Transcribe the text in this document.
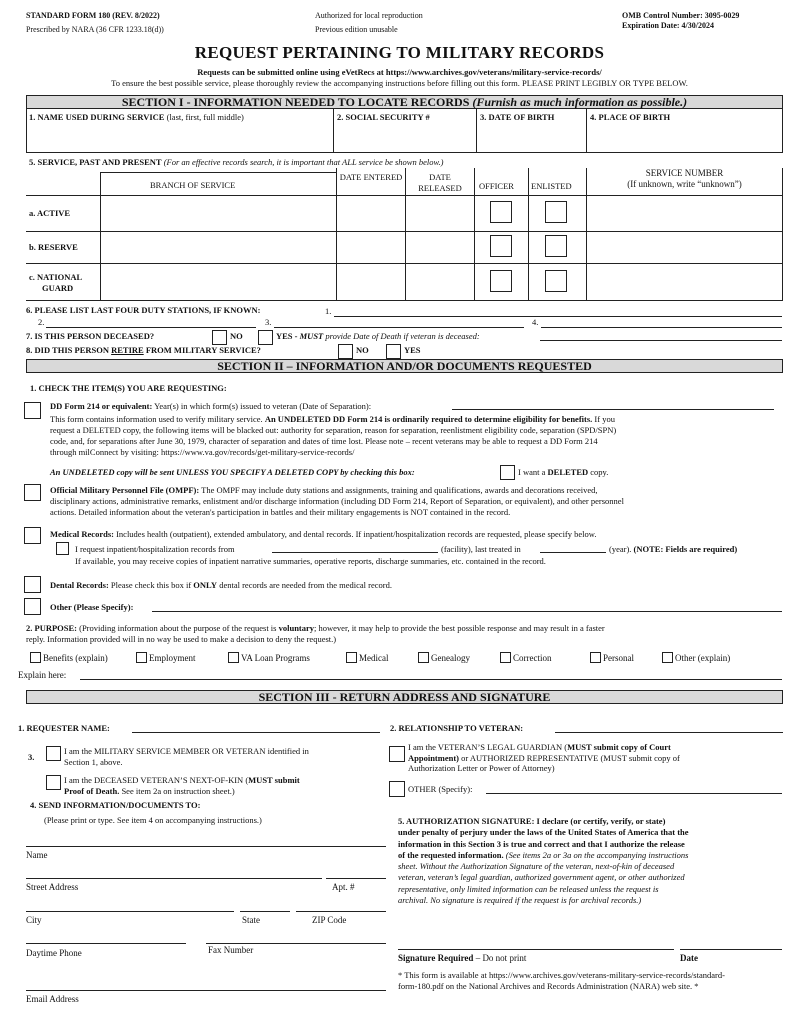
STANDARD FORM 180 (REV. 8/2022)
Prescribed by NARA (36 CFR 1233.18(d))
Authorized for local reproduction
Previous edition unusable
OMB Control Number: 3095-0029
Expiration Date: 4/30/2024
REQUEST PERTAINING TO MILITARY RECORDS
Requests can be submitted online using eVetRecs at https://www.archives.gov/veterans/military-service-records/
To ensure the best possible service, please thoroughly review the accompanying instructions before filling out this form. PLEASE PRINT LEGIBLY OR TYPE BELOW.
SECTION I - INFORMATION NEEDED TO LOCATE RECORDS (Furnish as much information as possible.)
1. NAME USED DURING SERVICE (last, first, full middle)	2. SOCIAL SECURITY #	3. DATE OF BIRTH	4. PLACE OF BIRTH
5. SERVICE, PAST AND PRESENT (For an effective records search, it is important that ALL service be shown below.)
BRANCH OF SERVICE
DATE ENTERED	DATE RELEASED	OFFICER ENLISTED
SERVICE NUMBER
(If unknown, write “unknown”)
a. ACTIVE
b. RESERVE
c. NATIONAL
GUARD
6. PLEASE LIST LAST FOUR DUTY STATIONS, IF KNOWN:	1.
2.	3.	4.
7. IS THIS PERSON DECEASED?	NO	YES - MUST provide Date of Death if veteran is deceased:
8. DID THIS PERSON RETIRE FROM MILITARY SERVICE?	NO	YES
SECTION II – INFORMATION AND/OR DOCUMENTS REQUESTED
1. CHECK THE ITEM(S) YOU ARE REQUESTING:
DD Form 214 or equivalent: Year(s) in which form(s) issued to veteran (Date of Separation):
This form contains information used to verify military service. An UNDELETED DD Form 214 is ordinarily required to determine eligibility for benefits. If you
request a DELETED copy, the following items will be blacked out: authority for separation, reason for separation, reenlistment eligibility code, separation (SPD/SPN)
code, and, for separations after June 30, 1979, character of separation and dates of time lost. Please note – recent veterans may be able to request a DD Form 214
through milConnect by visiting: https://www.va.gov/records/get-military-service-records/
An UNDELETED copy will be sent UNLESS YOU SPECIFY A DELETED COPY by checking this box:	I want a DELETED copy.
Official Military Personnel File (OMPF): The OMPF may include duty stations and assignments, training and qualifications, awards and decorations received,
disciplinary actions, administrative remarks, enlistment and/or discharge information (including DD Form 214, Report of Separation, or equivalent), and other personnel
actions. Detailed information about the veteran's participation in battles and their military engagements is NOT contained in the record.
Medical Records: Includes health (outpatient), extended ambulatory, and dental records. If inpatient/hospitalization records are requested, please specify below.
I request inpatient/hospitalization records from	(facility), last treated in	(year). (NOTE: Fields are required)
If available, you may receive copies of inpatient narrative summaries, operative reports, discharge summaries, etc. contained in the record.
Dental Records: Please check this box if ONLY dental records are needed from the medical record.
Other (Please Specify):
2. PURPOSE: (Providing information about the purpose of the request is voluntary; however, it may help to provide the best possible response and may result in a faster
reply. Information provided will in no way be used to make a decision to deny the request.)
Benefits (explain)	Employment	VA Loan Programs	Medical	Genealogy	Correction	Personal	Other (explain)
Explain here:
SECTION III - RETURN ADDRESS AND SIGNATURE
1. REQUESTER NAME:	2. RELATIONSHIP TO VETERAN:
3.
I am the MILITARY SERVICE MEMBER OR VETERAN identified in
Section 1, above.
I am the DECEASED VETERAN’S NEXT-OF-KIN (MUST submit
Proof of Death. See item 2a on instruction sheet.)
I am the VETERAN’S LEGAL GUARDIAN (MUST submit copy of Court
Appointment) or AUTHORIZED REPRESENTATIVE (MUST submit copy of
Authorization Letter or Power of Attorney)
OTHER (Specify):
4. SEND INFORMATION/DOCUMENTS TO:
(Please print or type. See item 4 on accompanying instructions.)
Name
Street Address	Apt. #
City	State	ZIP Code
Daytime Phone	Fax Number
Email Address
5. AUTHORIZATION SIGNATURE: I declare (or certify, verify, or state)
under penalty of perjury under the laws of the United States of America that the
information in this Section 3 is true and correct and that I authorize the release
of the requested information. (See items 2a or 3a on the accompanying instructions
sheet. Without the Authorization Signature of the veteran, next-of-kin of deceased
veteran, veteran’s legal guardian, authorized government agent, or other authorized
representative, only limited information can be released unless the request is
archival. No signature is required if the request is for archival records.)
Signature Required – Do not print	Date
* This form is available at https://www.archives.gov/veterans-military-service-records/standard-
form-180.pdf on the National Archives and Records Administration (NARA) web site. *
